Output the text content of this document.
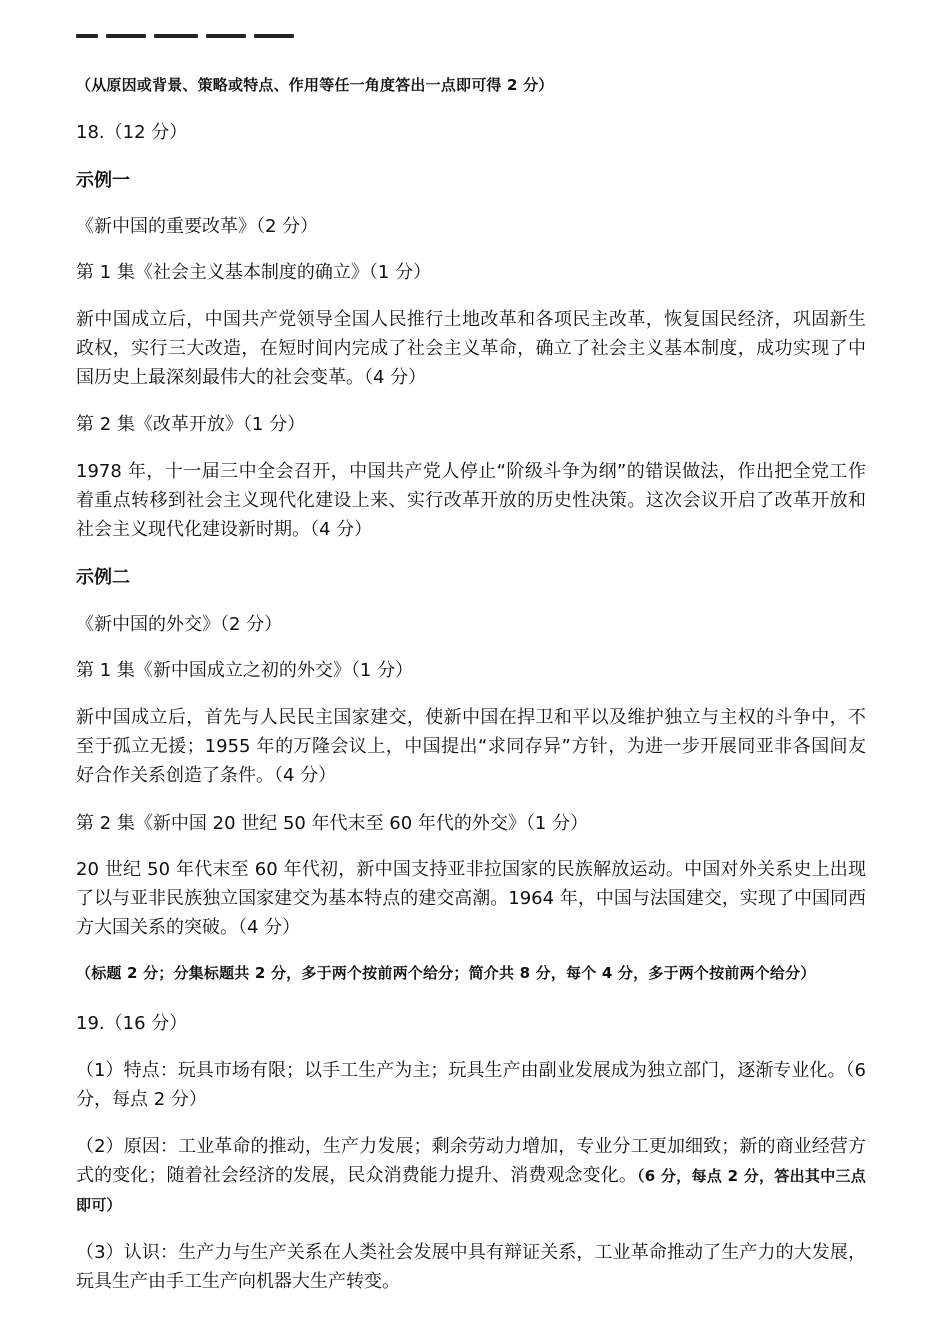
（从原因或背景、策略或特点、作用等任一角度答出一点即可得 2 分）
18.（12 分）
示例一
《新中国的重要改革》（2 分）
第 1 集《社会主义基本制度的确立》（1 分）
新中国成立后，中国共产党领导全国人民推行土地改革和各项民主改革，恢复国民经济，巩固新生政权，实行三大改造，在短时间内完成了社会主义革命，确立了社会主义基本制度，成功实现了中国历史上最深刻最伟大的社会变革。（4 分）
第 2 集《改革开放》（1 分）
1978 年，十一届三中全会召开，中国共产党人停止“阶级斗争为纲”的错误做法，作出把全党工作着重点转移到社会主义现代化建设上来、实行改革开放的历史性决策。这次会议开启了改革开放和社会主义现代化建设新时期。（4 分）
示例二
《新中国的外交》（2 分）
第 1 集《新中国成立之初的外交》（1 分）
新中国成立后，首先与人民民主国家建交，使新中国在捍卫和平以及维护独立与主权的斗争中，不至于孤立无援；1955 年的万隆会议上，中国提出“求同存异”方针，为进一步开展同亚非各国间友好合作关系创造了条件。（4 分）
第 2 集《新中国 20 世纪 50 年代末至 60 年代的外交》（1 分）
20 世纪 50 年代末至 60 年代初，新中国支持亚非拉国家的民族解放运动。中国对外关系史上出现了以与亚非民族独立国家建交为基本特点的建交高潮。1964 年，中国与法国建交，实现了中国同西方大国关系的突破。（4 分）
（标题 2 分；分集标题共 2 分，多于两个按前两个给分；简介共 8 分，每个 4 分，多于两个按前两个给分）
19.（16 分）
（1）特点：玩具市场有限；以手工生产为主；玩具生产由副业发展成为独立部门，逐渐专业化。（6 分，每点 2 分）
（2）原因：工业革命的推动，生产力发展；剩余劳动力增加，专业分工更加细致；新的商业经营方式的变化；随着社会经济的发展，民众消费能力提升、消费观念变化。（6 分，每点 2 分，答出其中三点即可）
（3）认识：生产力与生产关系在人类社会发展中具有辩证关系，工业革命推动了生产力的大发展，玩具生产由手工生产向机器大生产转变。
